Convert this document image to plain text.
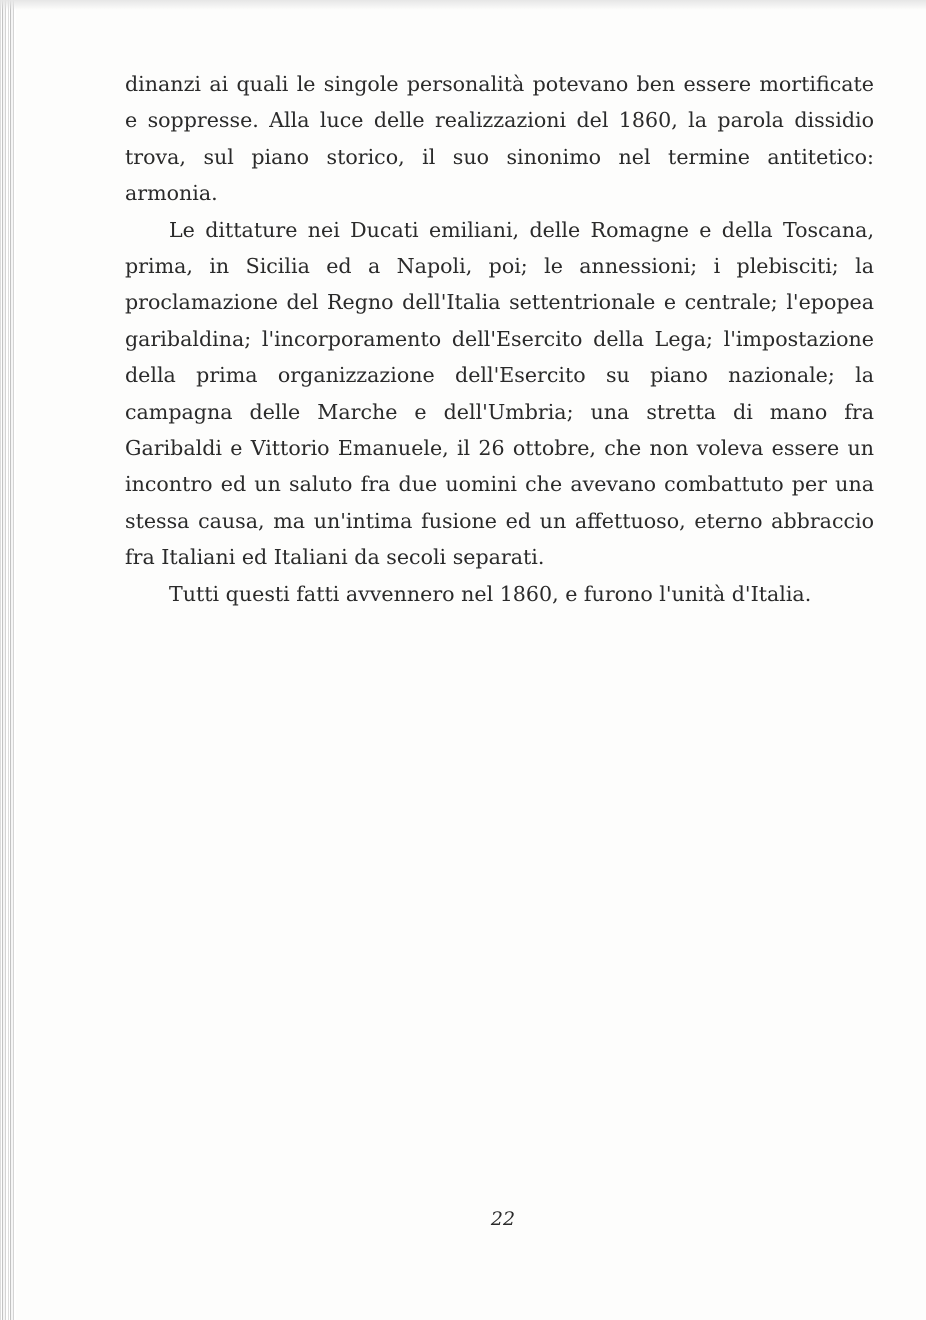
dinanzi ai quali le singole personalità potevano ben essere mortificate e soppresse. Alla luce delle realizzazioni del 1860, la parola dissidio trova, sul piano storico, il suo sinonimo nel termine antitetico: armonia.

Le dittature nei Ducati emiliani, delle Romagne e della Toscana, prima, in Sicilia ed a Napoli, poi; le annessioni; i plebisciti; la proclamazione del Regno dell'Italia settentrionale e centrale; l'epopea garibaldina; l'incorporamento dell'Esercito della Lega; l'impostazione della prima organizzazione dell'Esercito su piano nazionale; la campagna delle Marche e dell'Umbria; una stretta di mano fra Garibaldi e Vittorio Emanuele, il 26 ottobre, che non voleva essere un incontro ed un saluto fra due uomini che avevano combattuto per una stessa causa, ma un'intima fusione ed un affettuoso, eterno abbraccio fra Italiani ed Italiani da secoli separati.

Tutti questi fatti avvennero nel 1860, e furono l'unità d'Italia.

22
